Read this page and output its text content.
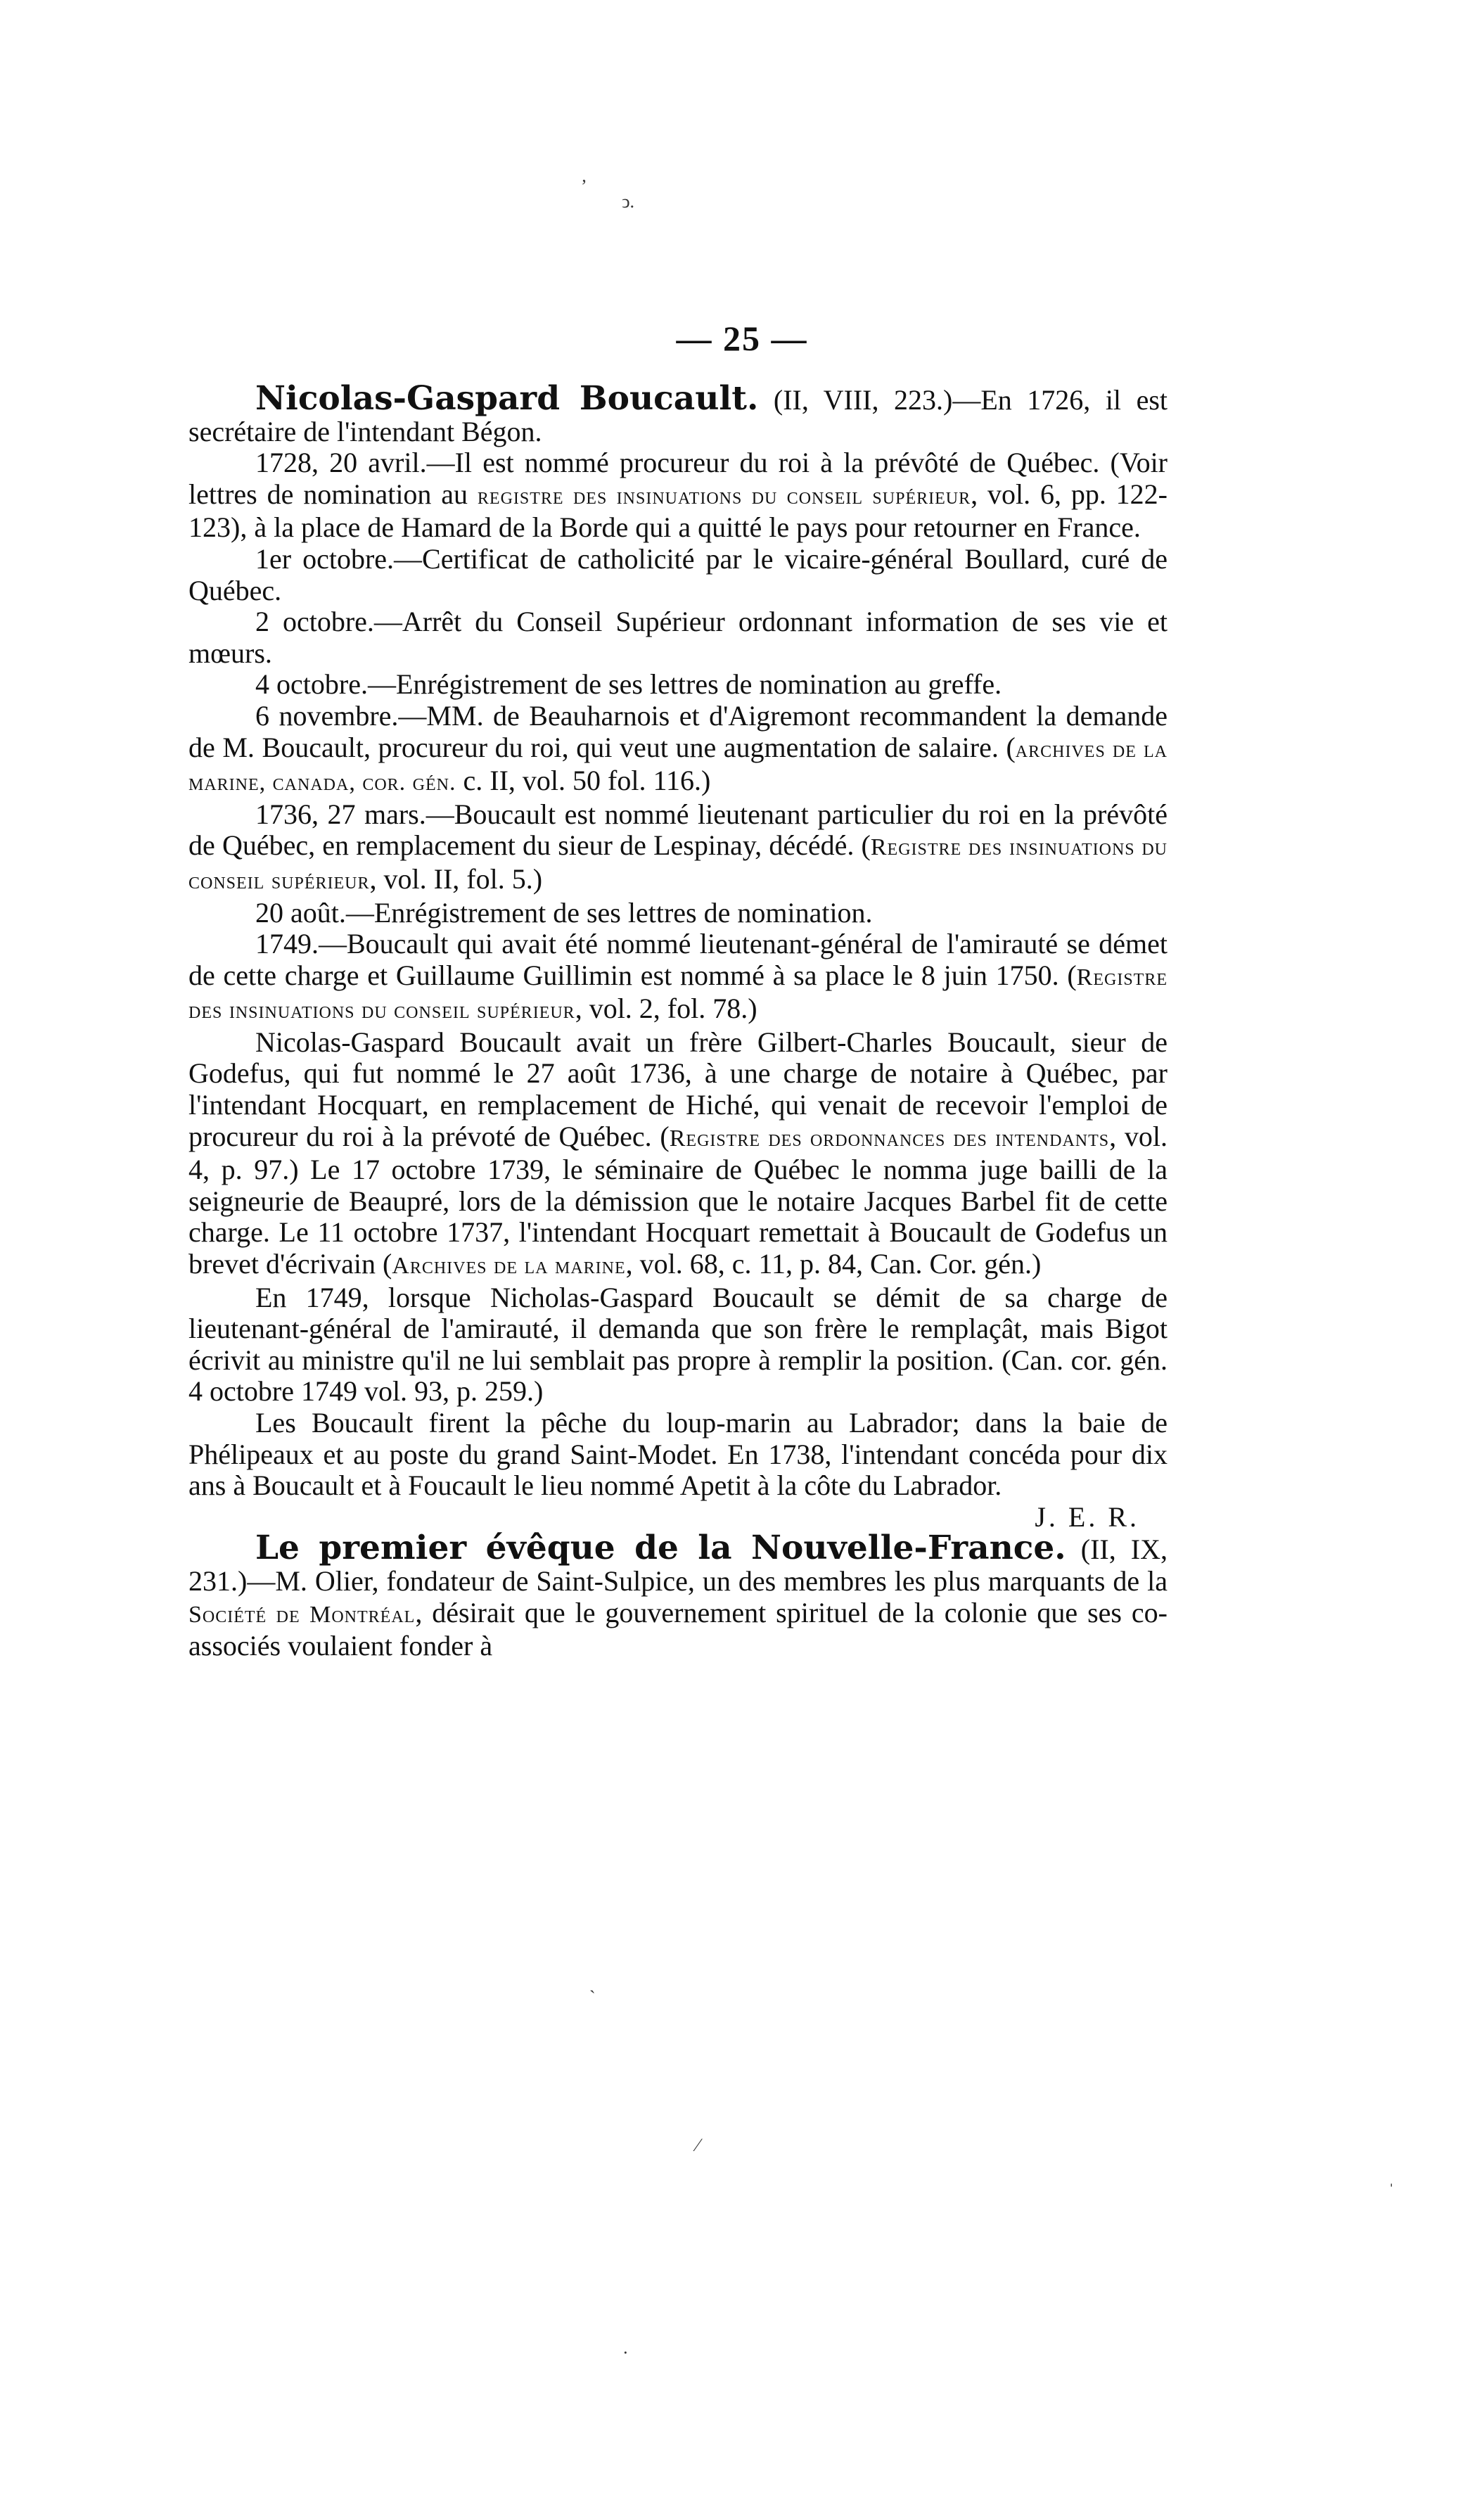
ʼ
ↄ.
— 25 —

Nicolas-Gaspard Boucault. (II, VIII, 223.)—En 1726, il est secrétaire de l'intendant Bégon.

1728, 20 avril.—Il est nommé procureur du roi à la prévôté de Québec. (Voir lettres de nomination au registre des insinuations du conseil supérieur, vol. 6, pp. 122-123), à la place de Hamard de la Borde qui a quitté le pays pour retourner en France.

1er octobre.—Certificat de catholicité par le vicaire-général Boullard, curé de Québec.

2 octobre.—Arrêt du Conseil Supérieur ordonnant information de ses vie et mœurs.

4 octobre.—Enrégistrement de ses lettres de nomination au greffe.

6 novembre.—MM. de Beauharnois et d'Aigremont recommandent la demande de M. Boucault, procureur du roi, qui veut une augmentation de salaire. (archives de la marine, canada, cor. gén. c. II, vol. 50 fol. 116.)

1736, 27 mars.—Boucault est nommé lieutenant particulier du roi en la prévôté de Québec, en remplacement du sieur de Lespinay, décédé. (Registre des insinuations du conseil supérieur, vol. II, fol. 5.)

20 août.—Enrégistrement de ses lettres de nomination.

1749.—Boucault qui avait été nommé lieutenant-général de l'amirauté se démet de cette charge et Guillaume Guillimin est nommé à sa place le 8 juin 1750. (Registre des insinuations du conseil supérieur, vol. 2, fol. 78.)

Nicolas-Gaspard Boucault avait un frère Gilbert-Charles Boucault, sieur de Godefus, qui fut nommé le 27 août 1736, à une charge de notaire à Québec, par l'intendant Hocquart, en remplacement de Hiché, qui venait de recevoir l'emploi de procureur du roi à la prévoté de Québec. (Registre des ordonnances des intendants, vol. 4, p. 97.) Le 17 octobre 1739, le séminaire de Québec le nomma juge bailli de la seigneurie de Beaupré, lors de la démission que le notaire Jacques Barbel fit de cette charge. Le 11 octobre 1737, l'intendant Hocquart remettait à Boucault de Godefus un brevet d'écrivain (Archives de la marine, vol. 68, c. 11, p. 84, Can. Cor. gén.)

En 1749, lorsque Nicholas-Gaspard Boucault se démit de sa charge de lieutenant-général de l'amirauté, il demanda que son frère le remplaçât, mais Bigot écrivit au ministre qu'il ne lui semblait pas propre à remplir la position. (Can. cor. gén. 4 octobre 1749 vol. 93, p. 259.)

Les Boucault firent la pêche du loup-marin au Labrador; dans la baie de Phélipeaux et au poste du grand Saint-Modet. En 1738, l'intendant concéda pour dix ans à Boucault et à Foucault le lieu nommé Apetit à la côte du Labrador.

J. E. R.

Le premier évêque de la Nouvelle-France. (II, IX, 231.)—M. Olier, fondateur de Saint-Sulpice, un des membres les plus marquants de la Société de Montréal, désirait que le gouvernement spirituel de la colonie que ses co-associés voulaient fonder à

ˏ
⁄
ˌ
·
